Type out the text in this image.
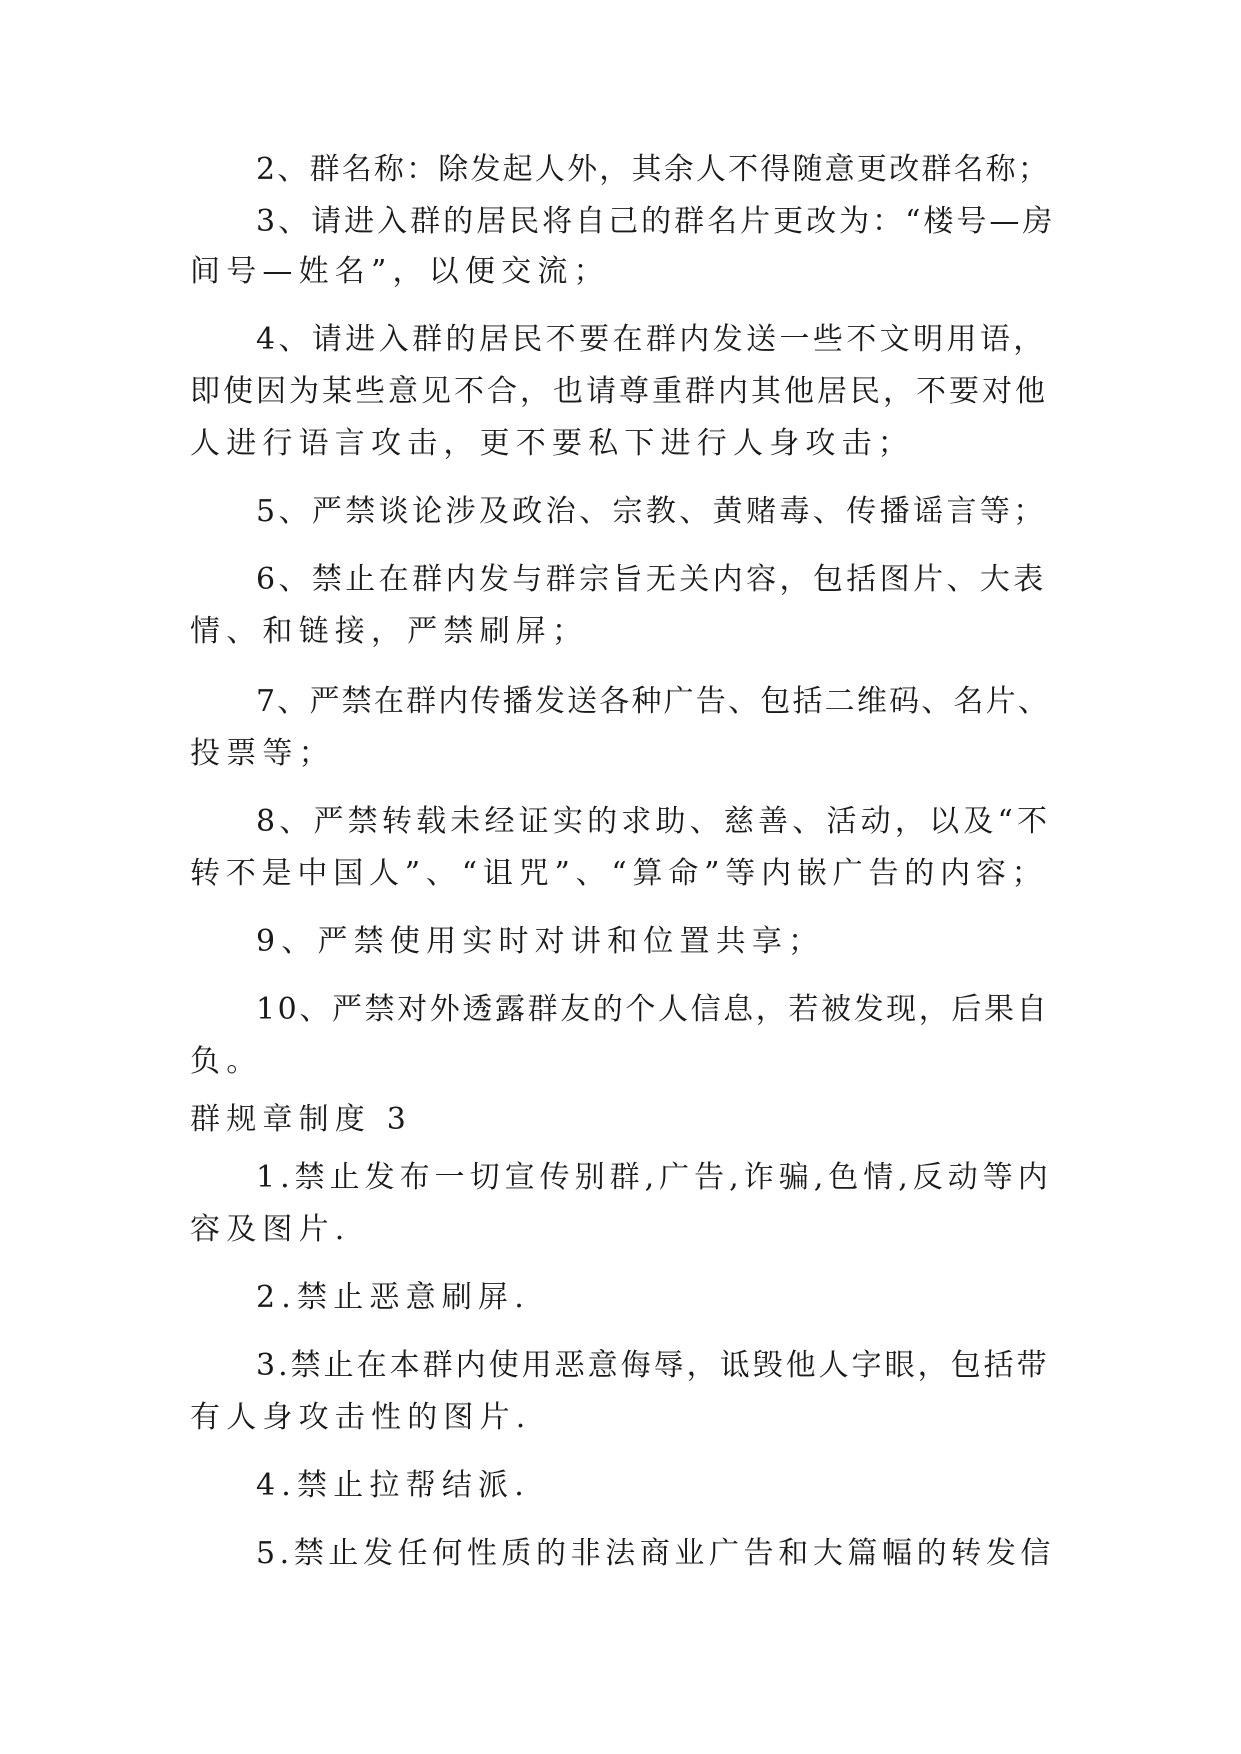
2、群名称：除发起人外，其余人不得随意更改群名称；
3、请进入群的居民将自己的群名片更改为：“楼号—房
间号—姓名”，以便交流；
4、请进入群的居民不要在群内发送一些不文明用语，
即使因为某些意见不合，也请尊重群内其他居民，不要对他
人进行语言攻击，更不要私下进行人身攻击；
5、严禁谈论涉及政治、宗教、黄赌毒、传播谣言等；
6、禁止在群内发与群宗旨无关内容，包括图片、大表
情、和链接，严禁刷屏；
7、严禁在群内传播发送各种广告、包括二维码、名片、
投票等；
8、严禁转载未经证实的求助、慈善、活动，以及“不
转不是中国人”、“诅咒”、“算命”等内嵌广告的内容；
9、严禁使用实时对讲和位置共享；
10、严禁对外透露群友的个人信息，若被发现，后果自
负。
群规章制度 3
1.禁止发布一切宣传别群,广告,诈骗,色情,反动等内
容及图片.
2.禁止恶意刷屏.
3.禁止在本群内使用恶意侮辱，诋毁他人字眼，包括带
有人身攻击性的图片.
4.禁止拉帮结派.
5.禁止发任何性质的非法商业广告和大篇幅的转发信
